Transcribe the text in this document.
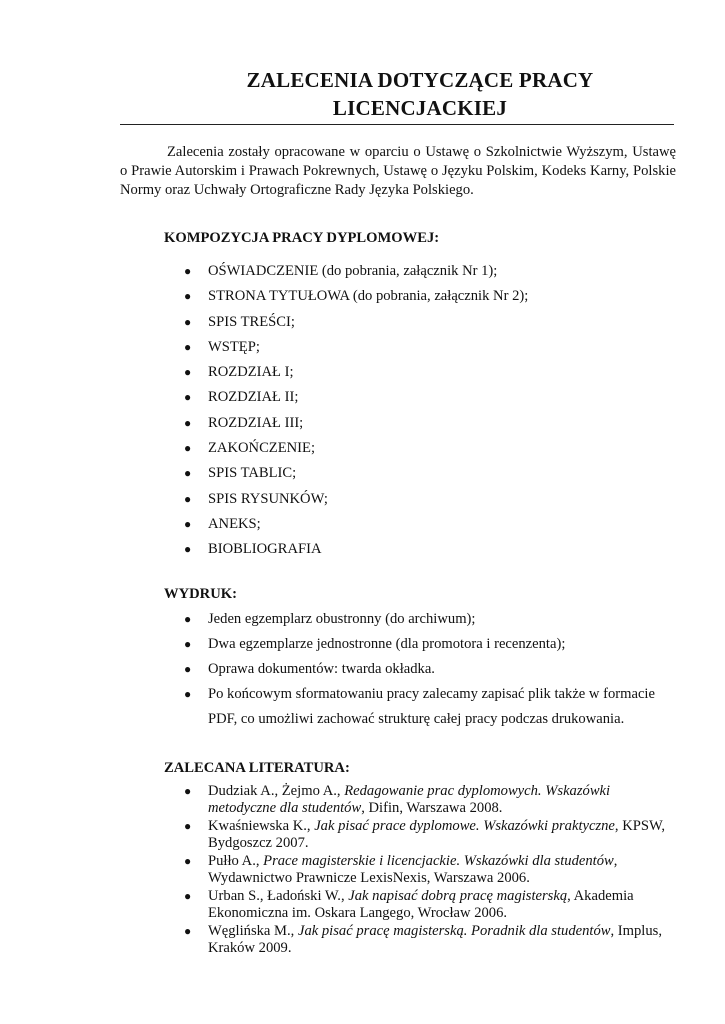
ZALECENIA DOTYCZĄCE PRACY
LICENCJACKIEJ

Zalecenia zostały opracowane w oparciu o Ustawę o Szkolnictwie Wyższym, Ustawę o Prawie Autorskim i Prawach Pokrewnych, Ustawę o Języku Polskim, Kodeks Karny, Polskie Normy oraz Uchwały Ortograficzne Rady Języka Polskiego.

KOMPOZYCJA PRACY DYPLOMOWEJ:
● OŚWIADCZENIE (do pobrania, załącznik Nr 1);
● STRONA TYTUŁOWA (do pobrania, załącznik Nr 2);
● SPIS TREŚCI;
● WSTĘP;
● ROZDZIAŁ I;
● ROZDZIAŁ II;
● ROZDZIAŁ III;
● ZAKOŃCZENIE;
● SPIS TABLIC;
● SPIS RYSUNKÓW;
● ANEKS;
● BIOBLIOGRAFIA
WYDRUK:
● Jeden egzemplarz obustronny (do archiwum);
● Dwa egzemplarze jednostronne (dla promotora i recenzenta);
● Oprawa dokumentów: twarda okładka.
● Po końcowym sformatowaniu pracy zalecamy zapisać plik także w formacie PDF, co umożliwi zachować strukturę całej pracy podczas drukowania.
ZALECANA LITERATURA:
● Dudziak A., Żejmo A., Redagowanie prac dyplomowych. Wskazówki metodyczne dla studentów, Difin, Warszawa 2008.
● Kwaśniewska K., Jak pisać prace dyplomowe. Wskazówki praktyczne, KPSW, Bydgoszcz 2007.
● Pułło A., Prace magisterskie i licencjackie. Wskazówki dla studentów, Wydawnictwo Prawnicze LexisNexis, Warszawa 2006.
● Urban S., Ładoński W., Jak napisać dobrą pracę magisterską, Akademia Ekonomiczna im. Oskara Langego, Wrocław 2006.
● Węglińska M., Jak pisać pracę magisterską. Poradnik dla studentów, Implus, Kraków 2009.
